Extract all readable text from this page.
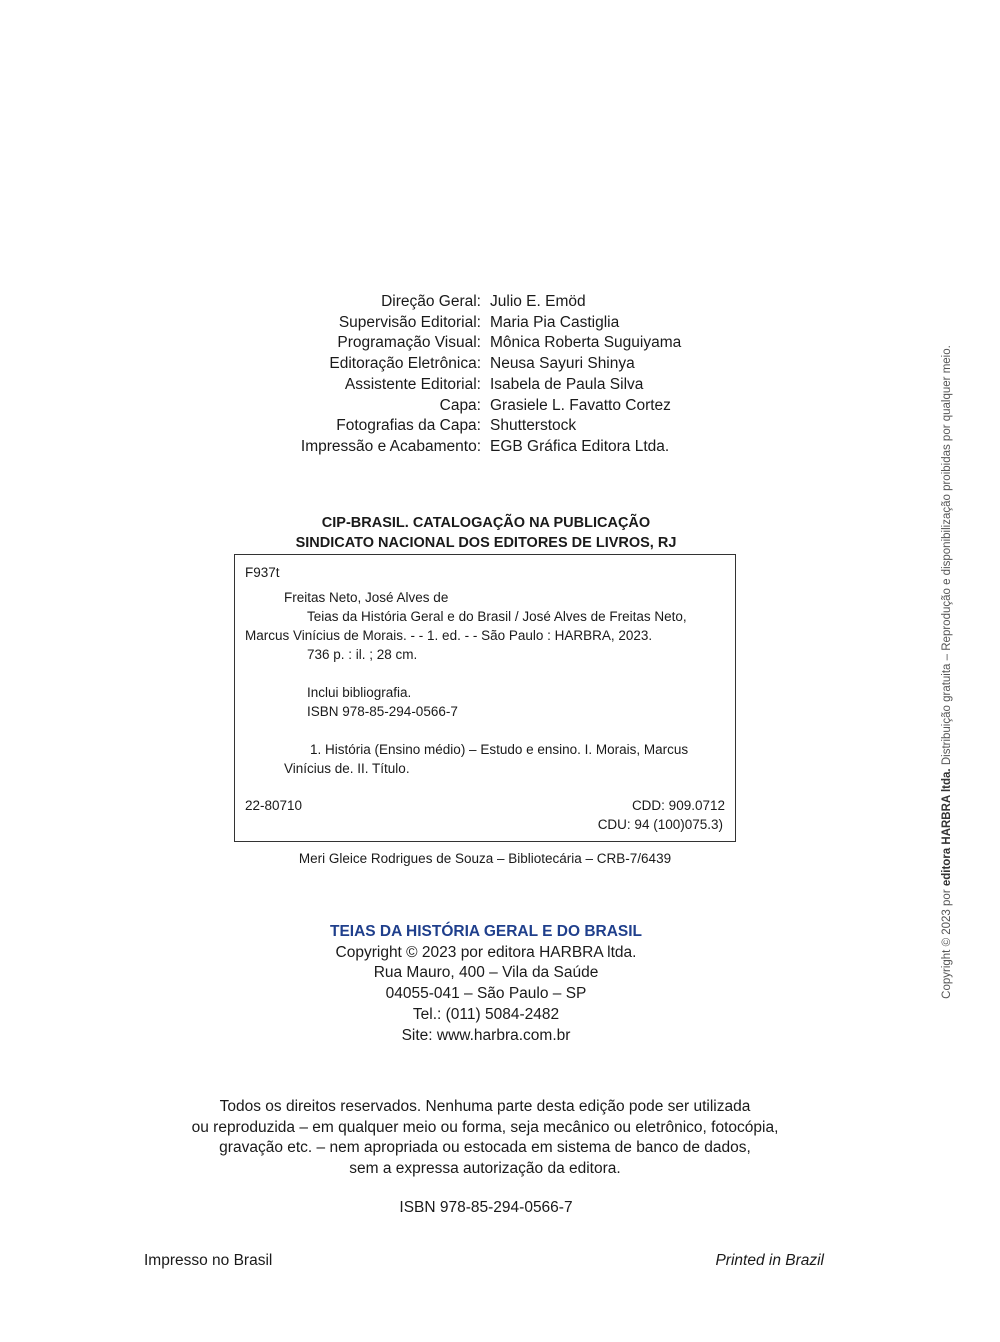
Direção Geral: Julio E. Emöd
Supervisão Editorial: Maria Pia Castiglia
Programação Visual: Mônica Roberta Suguiyama
Editoração Eletrônica: Neusa Sayuri Shinya
Assistente Editorial: Isabela de Paula Silva
Capa: Grasiele L. Favatto Cortez
Fotografias da Capa: Shutterstock
Impressão e Acabamento: EGB Gráfica Editora Ltda.
CIP-BRASIL. CATALOGAÇÃO NA PUBLICAÇÃO
SINDICATO NACIONAL DOS EDITORES DE LIVROS, RJ
F937t
Freitas Neto, José Alves de
Teias da História Geral e do Brasil / José Alves de Freitas Neto,
Marcus Vinícius de Morais. - - 1. ed. - - São Paulo : HARBRA, 2023.
736 p. : il. ; 28 cm.
Inclui bibliografia.
ISBN 978-85-294-0566-7
1. História (Ensino médio) – Estudo e ensino. I. Morais, Marcus
Vinícius de. II. Título.
22-80710	CDD: 909.0712
CDU: 94 (100)075.3)
Meri Gleice Rodrigues de Souza – Bibliotecária – CRB-7/6439
TEIAS DA HISTÓRIA GERAL E DO BRASIL
Copyright © 2023 por editora HARBRA ltda.
Rua Mauro, 400 – Vila da Saúde
04055-041 – São Paulo – SP
Tel.: (011) 5084-2482
Site: www.harbra.com.br
Todos os direitos reservados. Nenhuma parte desta edição pode ser utilizada
ou reproduzida – em qualquer meio ou forma, seja mecânico ou eletrônico, fotocópia,
gravação etc. – nem apropriada ou estocada em sistema de banco de dados,
sem a expressa autorização da editora.
ISBN 978-85-294-0566-7
Impresso no Brasil	Printed in Brazil
Copyright © 2023 por editora HARBRA ltda. Distribuição gratuita – Reprodução e disponibilização proibidas por qualquer meio.
